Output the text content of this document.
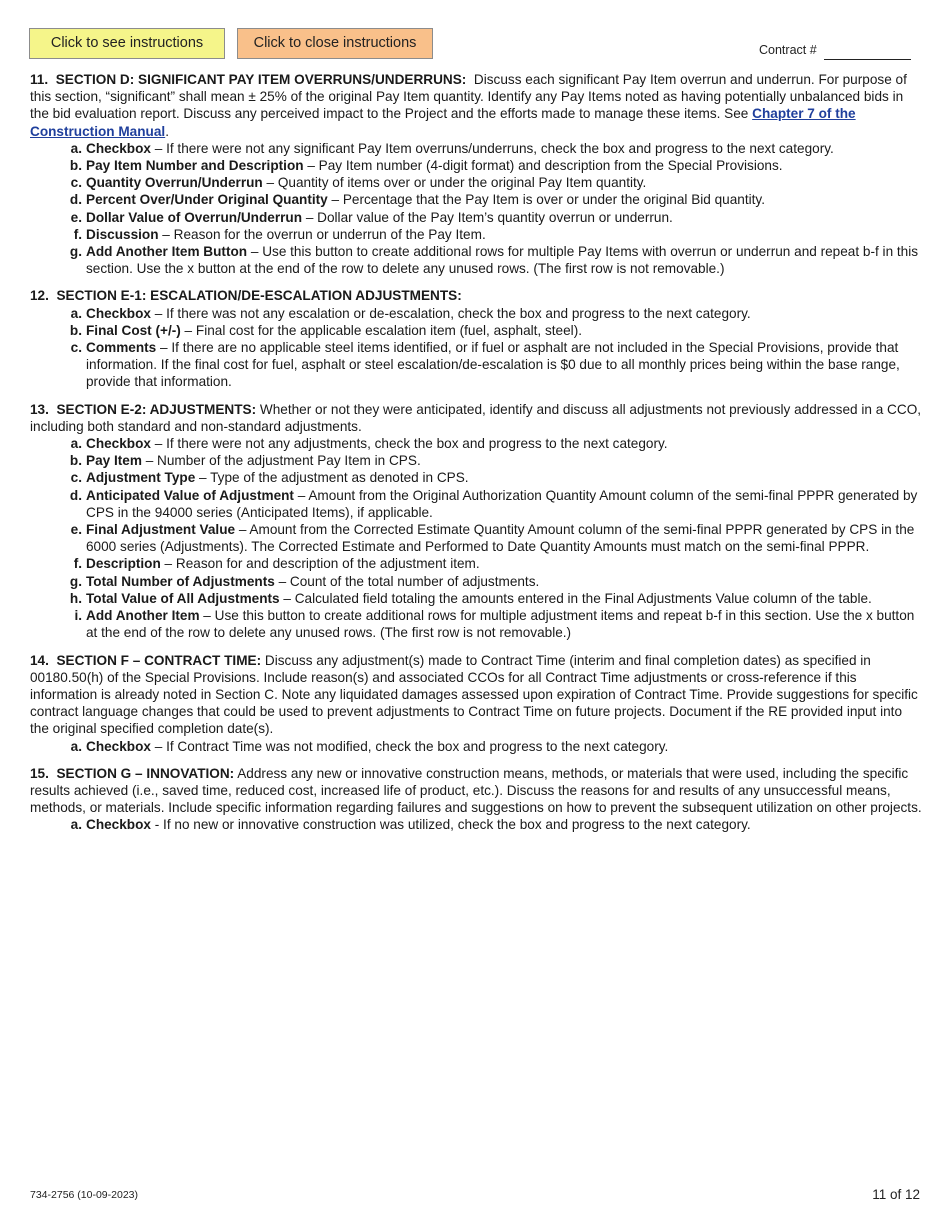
Click to see instructions	Click to close instructions	Contract #

11. SECTION D: SIGNIFICANT PAY ITEM OVERRUNS/UNDERRUNS: Discuss each significant Pay Item overrun and underrun. For purpose of this section, “significant” shall mean ± 25% of the original Pay Item quantity. Identify any Pay Items noted as having potentially unbalanced bids in the bid evaluation report. Discuss any perceived impact to the Project and the efforts made to manage these items. See Chapter 7 of the Construction Manual.

a. Checkbox – If there were not any significant Pay Item overruns/underruns, check the box and progress to the next category.
b. Pay Item Number and Description – Pay Item number (4-digit format) and description from the Special Provisions.
c. Quantity Overrun/Underrun – Quantity of items over or under the original Pay Item quantity.
d. Percent Over/Under Original Quantity – Percentage that the Pay Item is over or under the original Bid quantity.
e. Dollar Value of Overrun/Underrun – Dollar value of the Pay Item’s quantity overrun or underrun.
f. Discussion – Reason for the overrun or underrun of the Pay Item.
g. Add Another Item Button – Use this button to create additional rows for multiple Pay Items with overrun or underrun and repeat b-f in this section. Use the x button at the end of the row to delete any unused rows. (The first row is not removable.)

12. SECTION E-1: ESCALATION/DE-ESCALATION ADJUSTMENTS:

a. Checkbox – If there was not any escalation or de-escalation, check the box and progress to the next category.
b. Final Cost (+/-) – Final cost for the applicable escalation item (fuel, asphalt, steel).
c. Comments – If there are no applicable steel items identified, or if fuel or asphalt are not included in the Special Provisions, provide that information. If the final cost for fuel, asphalt or steel escalation/de-escalation is $0 due to all monthly prices being within the base range, provide that information.

13. SECTION E-2: ADJUSTMENTS: Whether or not they were anticipated, identify and discuss all adjustments not previously addressed in a CCO, including both standard and non-standard adjustments.

a. Checkbox – If there were not any adjustments, check the box and progress to the next category.
b. Pay Item – Number of the adjustment Pay Item in CPS.
c. Adjustment Type – Type of the adjustment as denoted in CPS.
d. Anticipated Value of Adjustment – Amount from the Original Authorization Quantity Amount column of the semi-final PPPR generated by CPS in the 94000 series (Anticipated Items), if applicable.
e. Final Adjustment Value – Amount from the Corrected Estimate Quantity Amount column of the semi-final PPPR generated by CPS in the 6000 series (Adjustments). The Corrected Estimate and Performed to Date Quantity Amounts must match on the semi-final PPPR.
f. Description – Reason for and description of the adjustment item.
g. Total Number of Adjustments – Count of the total number of adjustments.
h. Total Value of All Adjustments – Calculated field totaling the amounts entered in the Final Adjustments Value column of the table.
i. Add Another Item – Use this button to create additional rows for multiple adjustment items and repeat b-f in this section. Use the x button at the end of the row to delete any unused rows. (The first row is not removable.)

14. SECTION F – CONTRACT TIME: Discuss any adjustment(s) made to Contract Time (interim and final completion dates) as specified in 00180.50(h) of the Special Provisions. Include reason(s) and associated CCOs for all Contract Time adjustments or cross-reference if this information is already noted in Section C. Note any liquidated damages assessed upon expiration of Contract Time. Provide suggestions for specific contract language changes that could be used to prevent adjustments to Contract Time on future projects. Document if the RE provided input into the original specified completion date(s).

a. Checkbox – If Contract Time was not modified, check the box and progress to the next category.

15. SECTION G – INNOVATION: Address any new or innovative construction means, methods, or materials that were used, including the specific results achieved (i.e., saved time, reduced cost, increased life of product, etc.). Discuss the reasons for and results of any unsuccessful means, methods, or materials. Include specific information regarding failures and suggestions on how to prevent the subsequent utilization on other projects.

a. Checkbox - If no new or innovative construction was utilized, check the box and progress to the next category.
734-2756 (10-09-2023)	11 of 12
